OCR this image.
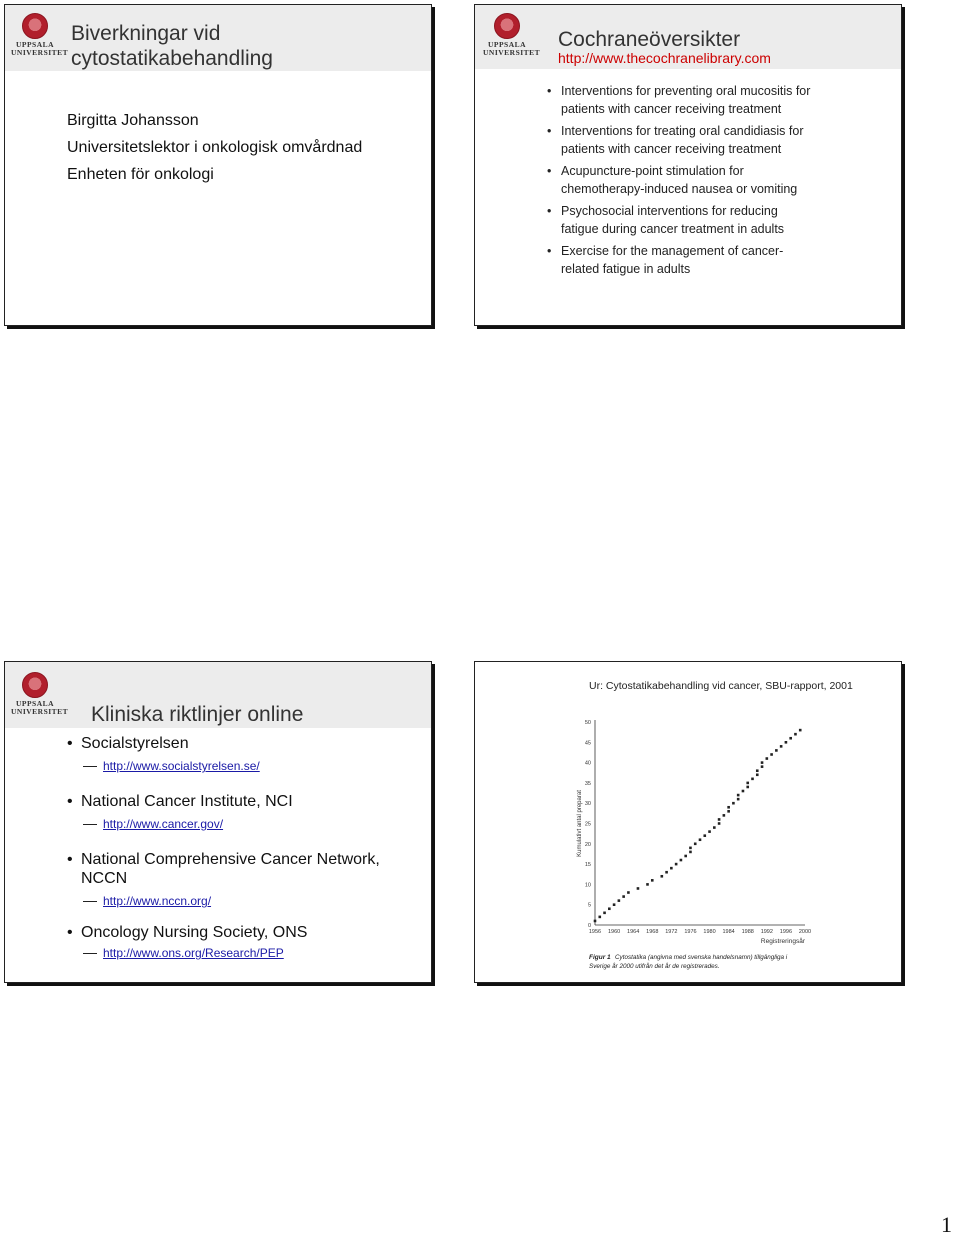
UPPSALA UNIVERSITET
Biverkningar vid
cytostatikabehandling
Birgitta Johansson
Universitetslektor i onkologisk omvårdnad
Enheten för onkologi
UPPSALA UNIVERSITET
Cochraneöversikter
http://www.thecochranelibrary.com
• Interventions for preventing oral mucositis for
patients with cancer receiving treatment
• Interventions for treating oral candidiasis for
patients with cancer receiving treatment
• Acupuncture-point stimulation for
chemotherapy-induced nausea or vomiting
• Psychosocial interventions for reducing
fatigue during cancer treatment in adults
• Exercise for the management of cancer-
related fatigue in adults
UPPSALA UNIVERSITET Kliniska riktlinjer online
• Socialstyrelsen
http://www.socialstyrelsen.se/
• National Cancer Institute, NCI
http://www.cancer.gov/
• National Comprehensive Cancer Network,
NCCN
http://www.nccn.org/
• Oncology Nursing Society, ONS
http://www.ons.org/Research/PEP
Ur: Cytostatikabehandling vid cancer, SBU-rapport, 2001
1956 1960 1964 1968 1972 1976 1980 1984 1988 1992 1996 2000
0
5
10
15
20
25
30
35
40
45
50
Kumulativt antal preparat
Registreringsår
Figur 1 Cytostatika (angivna med svenska handelsnamn) tillgängliga i
Sverige år 2000 utifrån det år de registrerades.
1
